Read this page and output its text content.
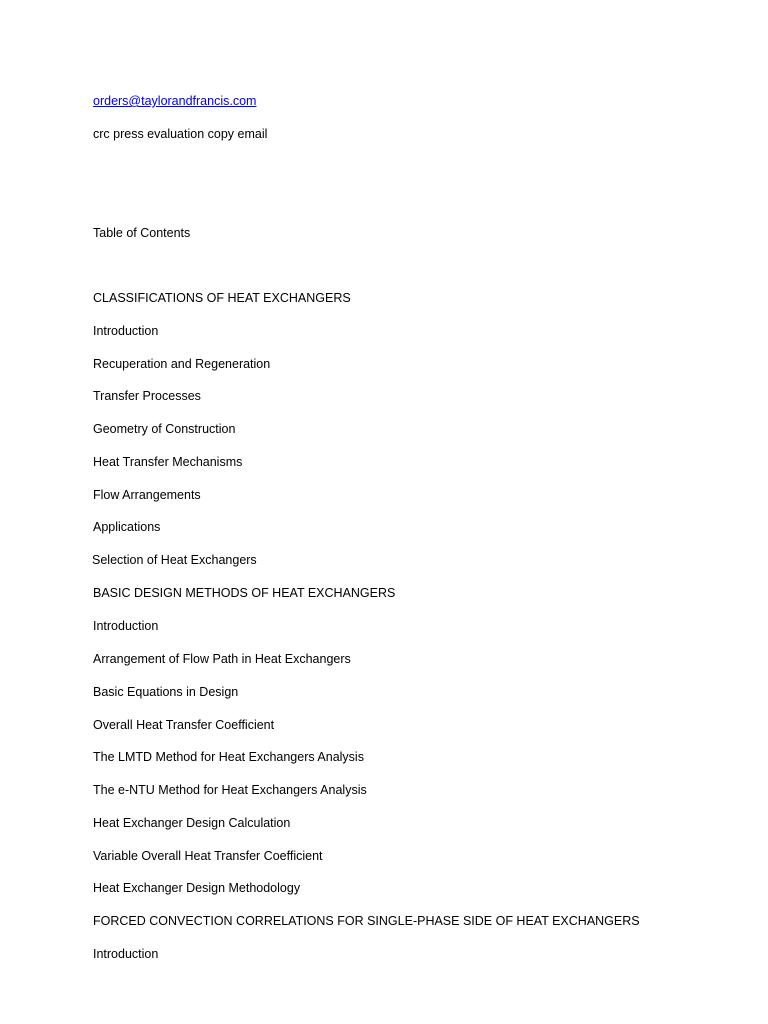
orders@taylorandfrancis.com
crc press evaluation copy email
Table of Contents
CLASSIFICATIONS OF HEAT EXCHANGERS
Introduction
Recuperation and Regeneration
Transfer Processes
Geometry of Construction
Heat Transfer Mechanisms
Flow Arrangements
Applications
Selection of Heat Exchangers
BASIC DESIGN METHODS OF HEAT EXCHANGERS
Introduction
Arrangement of Flow Path in Heat Exchangers
Basic Equations in Design
Overall Heat Transfer Coefficient
The LMTD Method for Heat Exchangers Analysis
The e-NTU Method for Heat Exchangers Analysis
Heat Exchanger Design Calculation
Variable Overall Heat Transfer Coefficient
Heat Exchanger Design Methodology
FORCED CONVECTION CORRELATIONS FOR SINGLE-PHASE SIDE OF HEAT EXCHANGERS
Introduction
